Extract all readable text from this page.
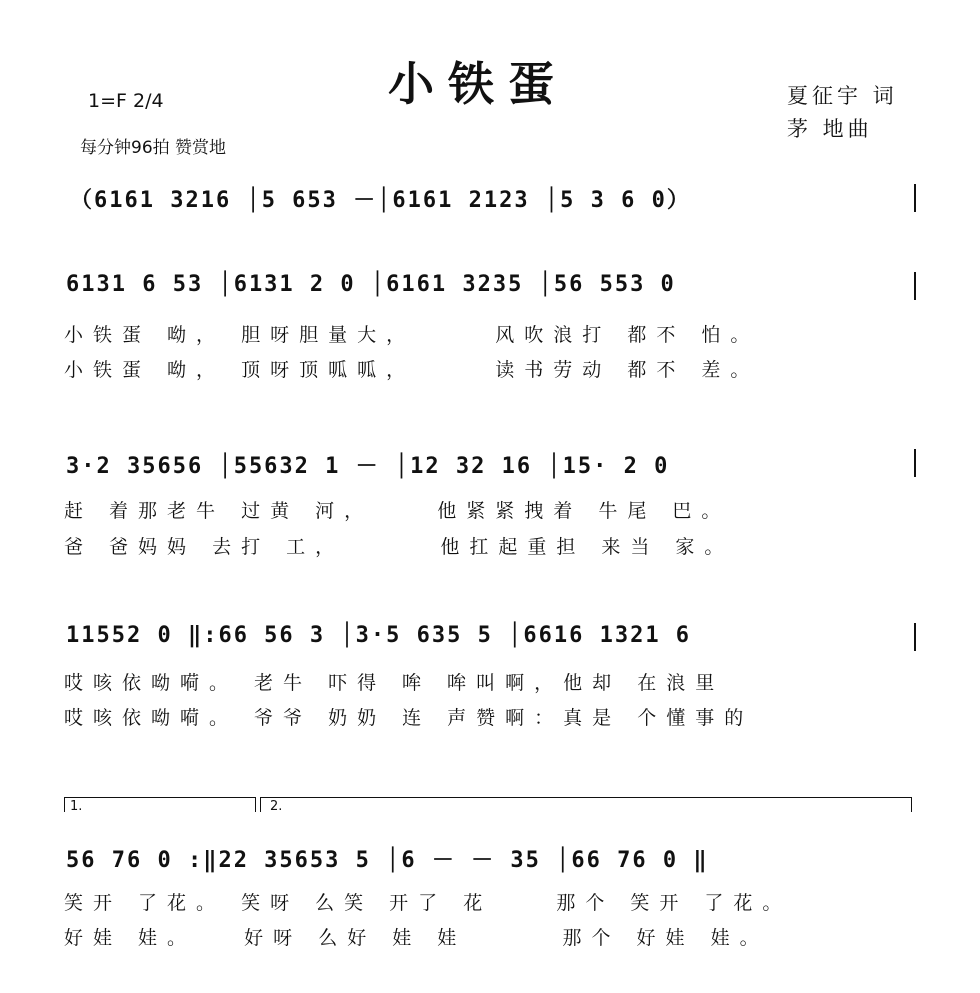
小铁蛋
1=F 2/4
每分钟96拍 赞赏地
夏征宇 词
茅 地曲
（6161 3216 │5 653 －│6161 2123 │5 3 6 0）
6131 6 53 │6131 2 0 │6161 3235 │56 553 0
小铁蛋 呦， 胆呀胆量大，     风吹浪打 都不 怕。
小铁蛋 呦， 顶呀顶呱呱，     读书劳动 都不 差。
3·2 35656 │55632 1 － │12 32 16 │15· 2 0
赶 着那老牛 过黄 河，    他紧紧拽着 牛尾 巴。
爸 爸妈妈 去打 工，      他扛起重担 来当 家。
11552 0 ‖:66 56 3 │3·5 635 5 │6616 1321 6
哎咳依呦嗬。 老牛 吓得 哞 哞叫啊，他却 在浪里
哎咳依呦嗬。 爷爷 奶奶 连 声赞啊：真是 个懂事的
1.	2.
56 76 0 :‖22 35653 5 │6 － － 35 │66 76 0 ‖
笑开 了花。 笑呀 么笑 开了 花    那个 笑开 了花。
好娃 娃。   好呀 么好 娃 娃      那个 好娃 娃。
